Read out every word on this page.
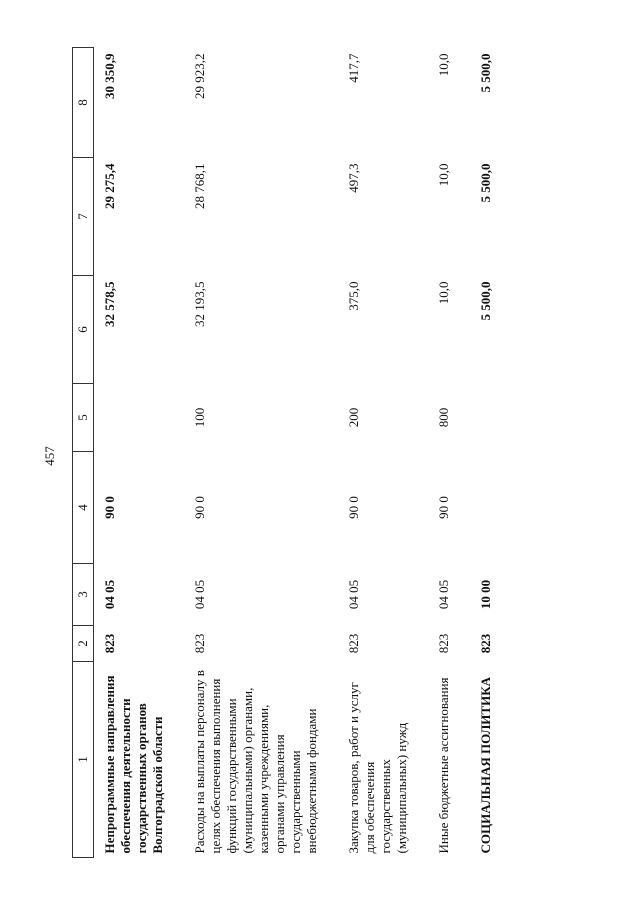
457
1	2	3	4	5	6	7	8
Непрограммные направления обеспечения деятельности государственных органов Волгоградской области	823	04 05	90 0		32 578,5	29 275,4	30 350,9
Расходы на выплаты персоналу в целях обеспечения выполнения функций государственными (муниципальными) органами, казенными учреждениями, органами управления государственными внебюджетными фондами	823	04 05	90 0	100	32 193,5	28 768,1	29 923,2
Закупка товаров, работ и услуг для обеспечения государственных (муниципальных) нужд	823	04 05	90 0	200	375,0	497,3	417,7
Иные бюджетные ассигнования	823	04 05	90 0	800	10,0	10,0	10,0
СОЦИАЛЬНАЯ ПОЛИТИКА	823	10 00			5 500,0	5 500,0	5 500,0
